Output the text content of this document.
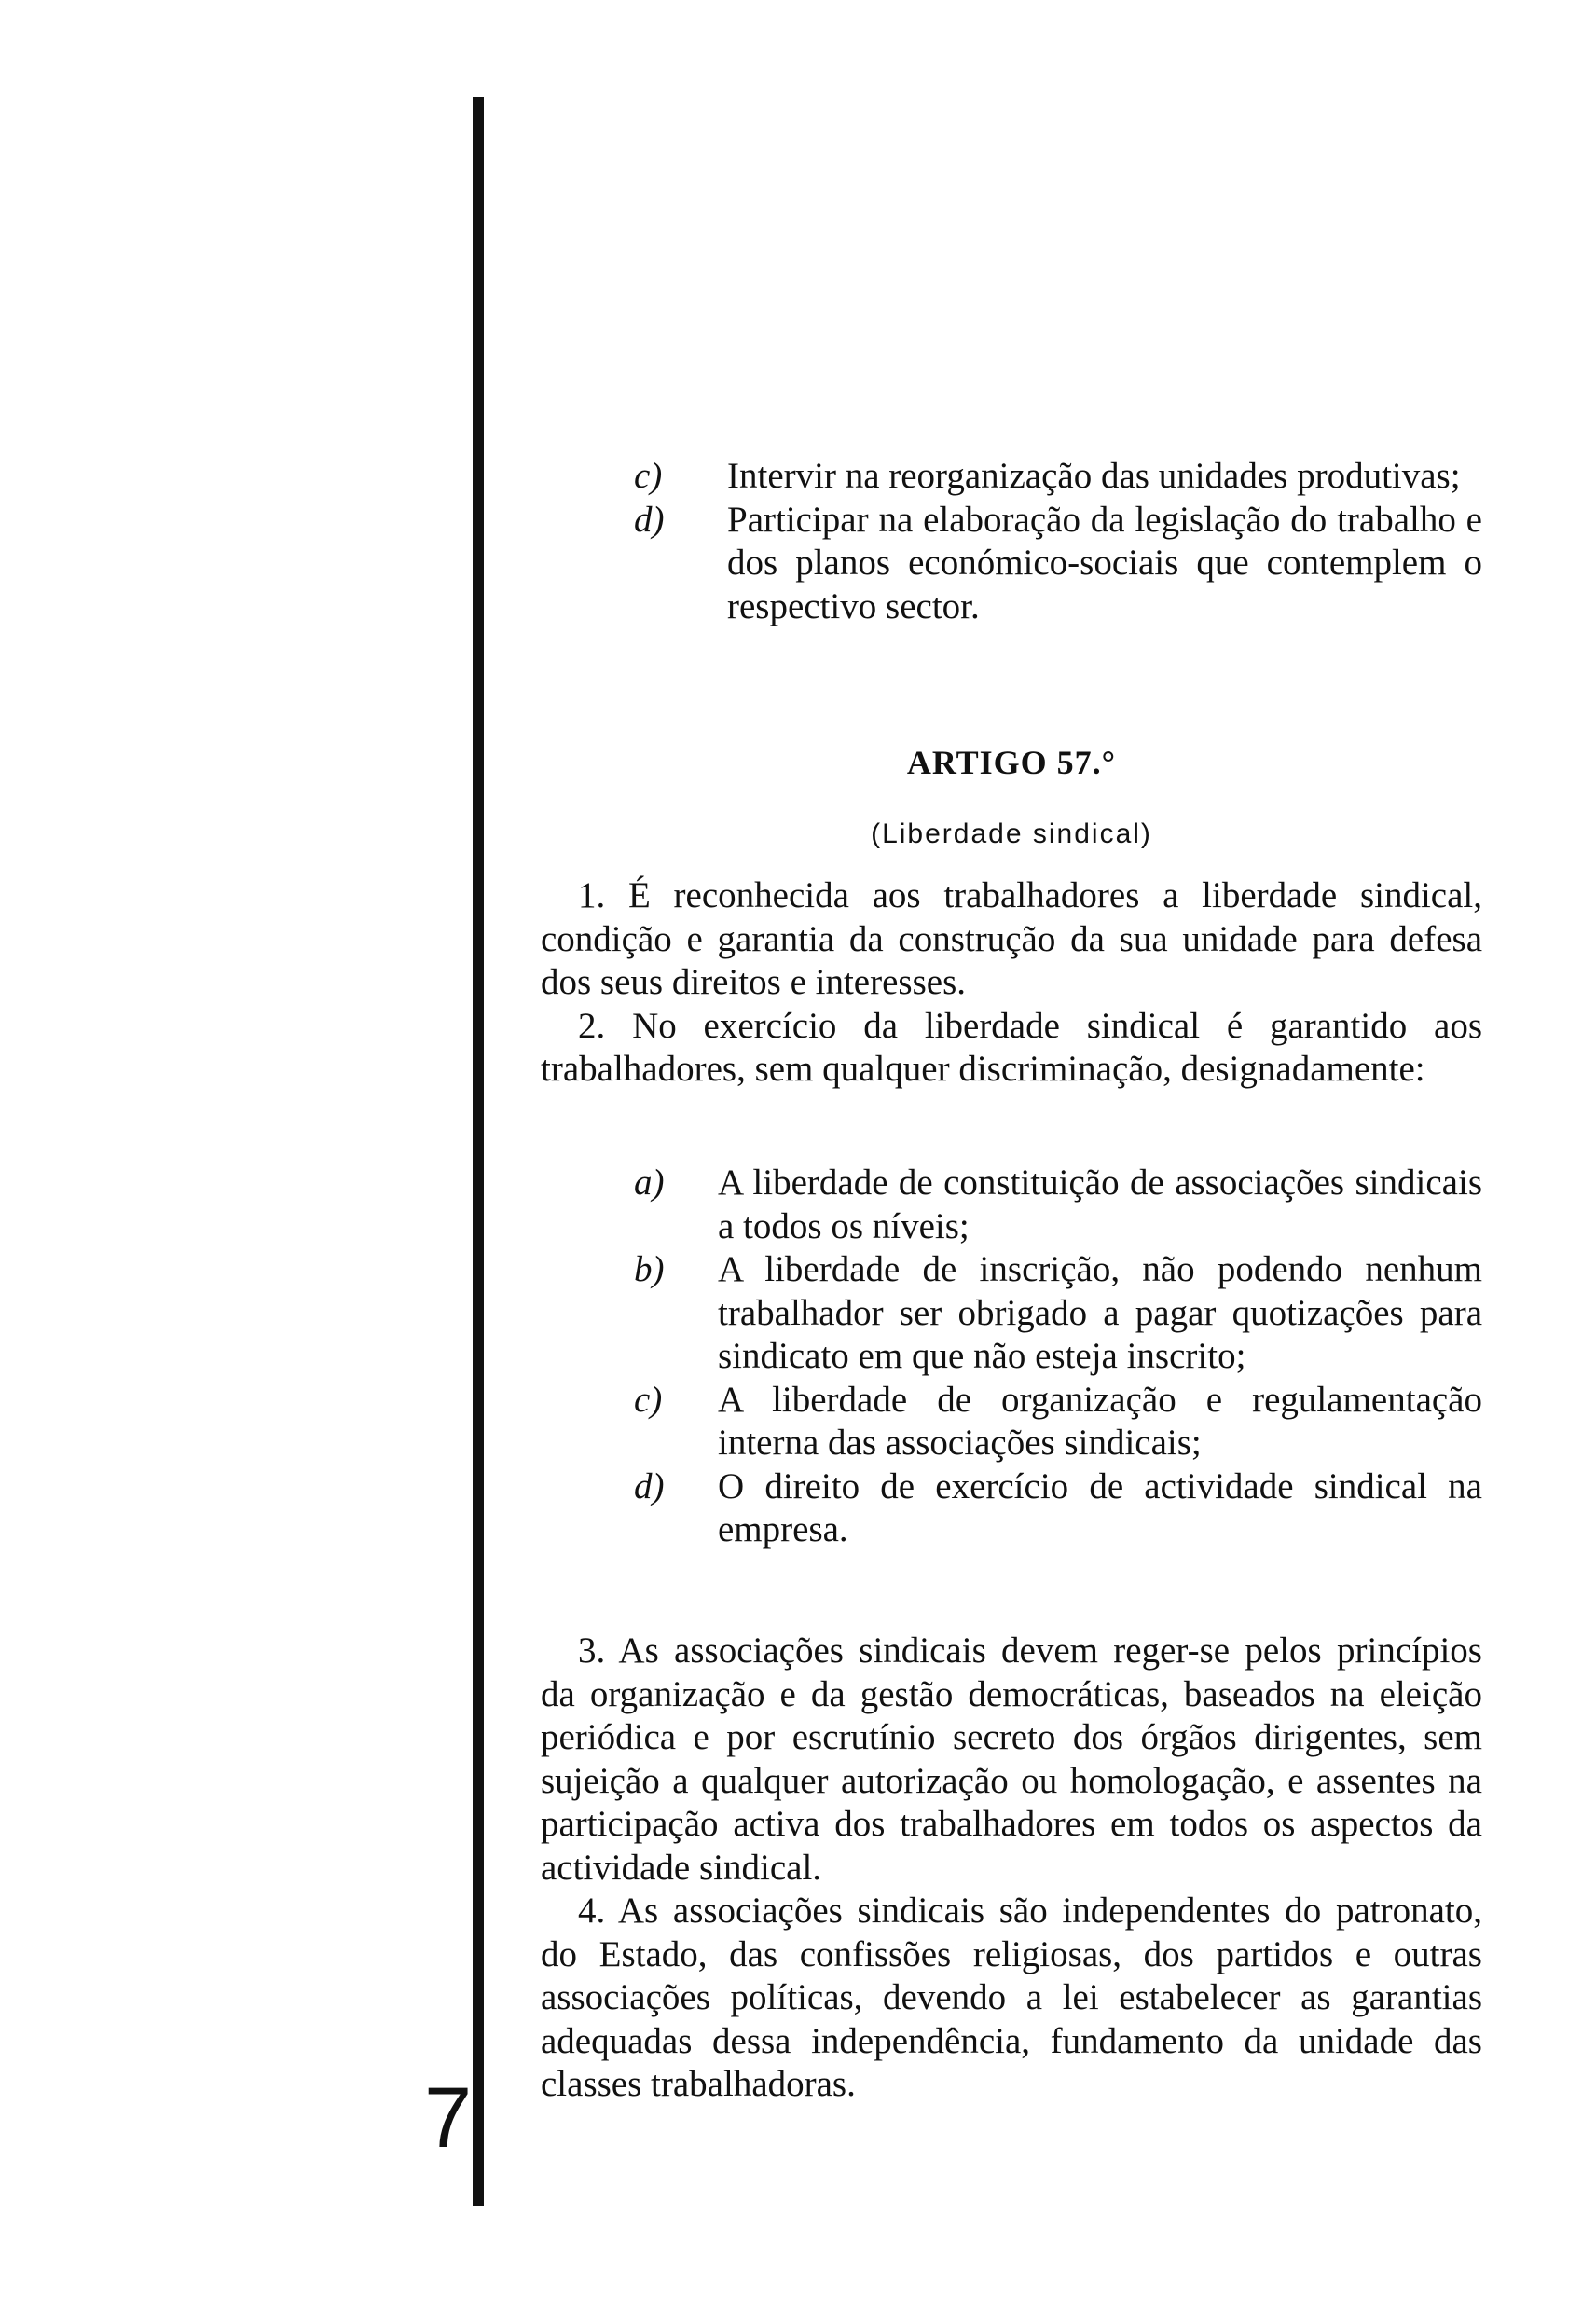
7
c) Intervir na reorganização das unidades produtivas;
d) Participar na elaboração da legislação do trabalho e dos planos económico-sociais que contemplem o respectivo sector.
ARTIGO 57.°
(Liberdade sindical)
1. É reconhecida aos trabalhadores a liberdade sindical, condição e garantia da construção da sua unidade para defesa dos seus direitos e interesses.
2. No exercício da liberdade sindical é garantido aos trabalhadores, sem qualquer discriminação, designadamente:
a) A liberdade de constituição de associações sindicais a todos os níveis;
b) A liberdade de inscrição, não podendo nenhum trabalhador ser obrigado a pagar quotizações para sindicato em que não esteja inscrito;
c) A liberdade de organização e regulamentação interna das associações sindicais;
d) O direito de exercício de actividade sindical na empresa.
3. As associações sindicais devem reger-se pelos princípios da organização e da gestão democráticas, baseados na eleição periódica e por escrutínio secreto dos órgãos dirigentes, sem sujeição a qualquer autorização ou homologação, e assentes na participação activa dos trabalhadores em todos os aspectos da actividade sindical.
4. As associações sindicais são independentes do patronato, do Estado, das confissões religiosas, dos partidos e outras associações políticas, devendo a lei estabelecer as garantias adequadas dessa independência, fundamento da unidade das classes trabalhadoras.
